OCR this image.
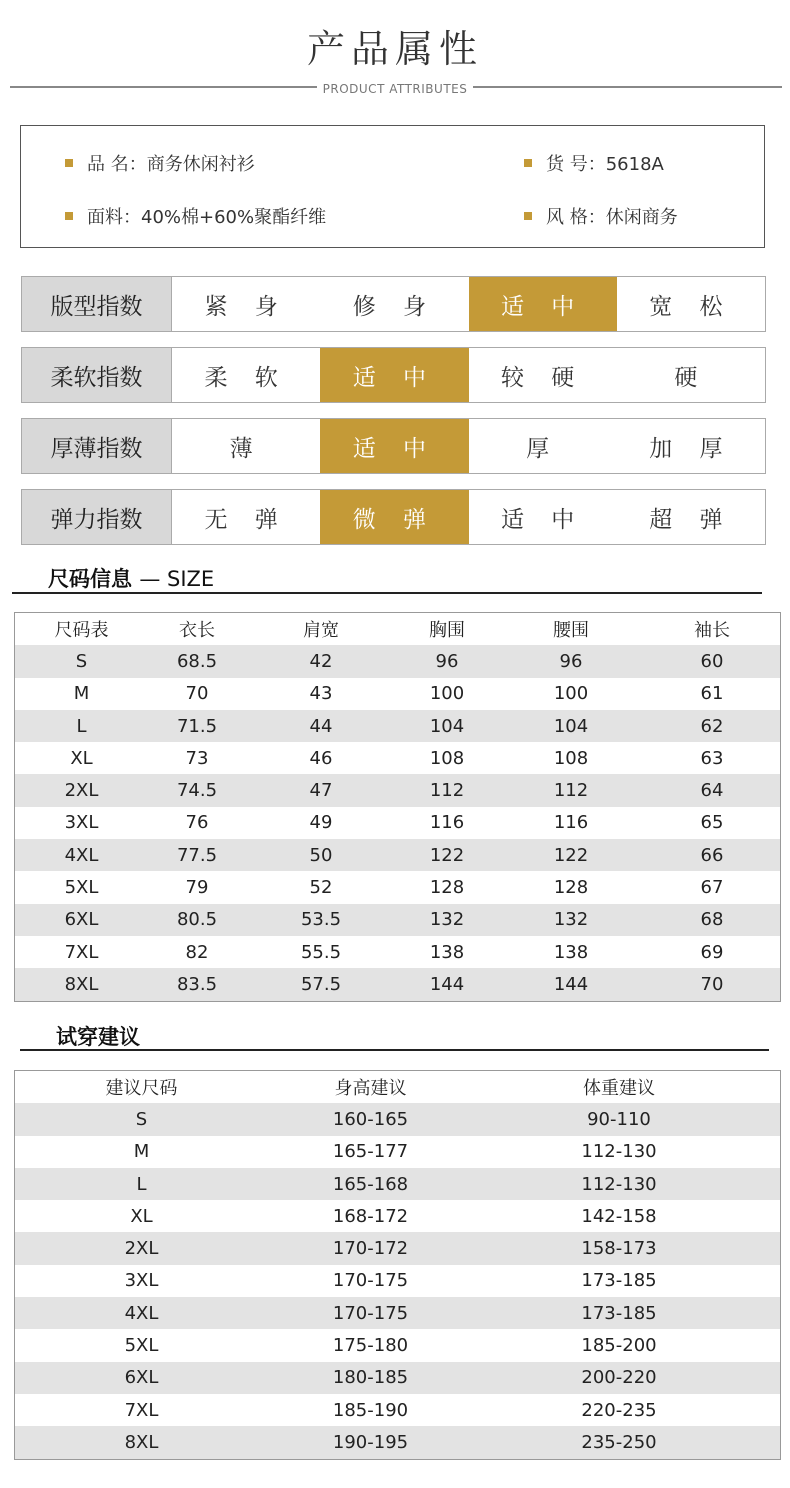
产品属性
PRODUCT ATTRIBUTES
品 名：商务休闲衬衫	货 号：5618A
面料：40%棉+60%聚酯纤维	风 格：休闲商务
版型指数	紧 身	修 身	适 中	宽 松
柔软指数	柔 软	适 中	较 硬	硬
厚薄指数	薄	适 中	厚	加 厚
弹力指数	无 弹	微 弹	适 中	超 弹
尺码信息 — SIZE
尺码表	衣长	肩宽	胸围	腰围	袖长
S	68.5	42	96	96	60
M	70	43	100	100	61
L	71.5	44	104	104	62
XL	73	46	108	108	63
2XL	74.5	47	112	112	64
3XL	76	49	116	116	65
4XL	77.5	50	122	122	66
5XL	79	52	128	128	67
6XL	80.5	53.5	132	132	68
7XL	82	55.5	138	138	69
8XL	83.5	57.5	144	144	70
试穿建议
建议尺码	身高建议	体重建议
S	160-165	90-110
M	165-177	112-130
L	165-168	112-130
XL	168-172	142-158
2XL	170-172	158-173
3XL	170-175	173-185
4XL	170-175	173-185
5XL	175-180	185-200
6XL	180-185	200-220
7XL	185-190	220-235
8XL	190-195	235-250
